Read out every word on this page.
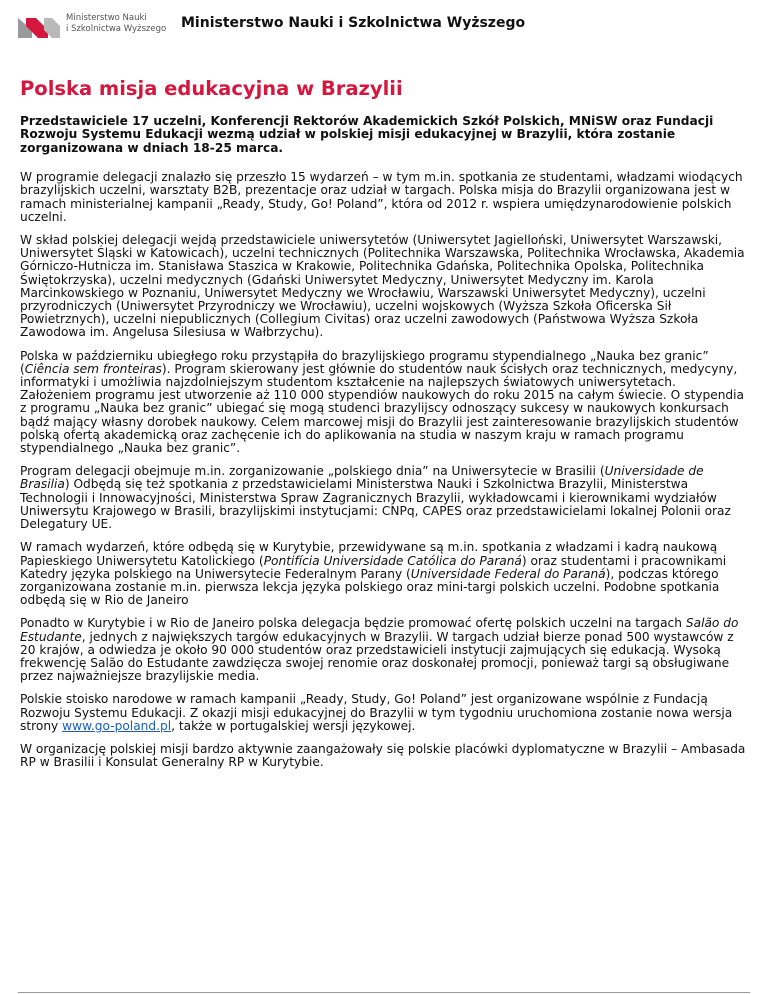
Ministerstwo Nauki
i Szkolnictwa Wyższego Ministerstwo Nauki i Szkolnictwa Wyższego
Polska misja edukacyjna w Brazylii

Przedstawiciele 17 uczelni, Konferencji Rektorów Akademickich Szkół Polskich, MNiSW oraz Fundacji Rozwoju Systemu Edukacji wezmą udział w polskiej misji edukacyjnej w Brazylii, która zostanie zorganizowana w dniach 18-25 marca.

W programie delegacji znalazło się przeszło 15 wydarzeń – w tym m.in. spotkania ze studentami, władzami wiodących brazylijskich uczelni, warsztaty B2B, prezentacje oraz udział w targach. Polska misja do Brazylii organizowana jest w ramach ministerialnej kampanii „Ready, Study, Go! Poland”, która od 2012 r. wspiera umiędzynarodowienie polskich uczelni.

W skład polskiej delegacji wejdą przedstawiciele uniwersytetów (Uniwersytet Jagielloński, Uniwersytet Warszawski, Uniwersytet Śląski w Katowicach), uczelni technicznych (Politechnika Warszawska, Politechnika Wrocławska, Akademia Górniczo-Hutnicza im. Stanisława Staszica w Krakowie, Politechnika Gdańska, Politechnika Opolska, Politechnika Świętokrzyska), uczelni medycznych (Gdański Uniwersytet Medyczny, Uniwersytet Medyczny im. Karola Marcinkowskiego w Poznaniu, Uniwersytet Medyczny we Wrocławiu, Warszawski Uniwersytet Medyczny), uczelni przyrodniczych (Uniwersytet Przyrodniczy we Wrocławiu), uczelni wojskowych (Wyższa Szkoła Oficerska Sił Powietrznych), uczelni niepublicznych (Collegium Civitas) oraz uczelni zawodowych (Państwowa Wyższa Szkoła Zawodowa im. Angelusa Silesiusa w Wałbrzychu).

Polska w październiku ubiegłego roku przystąpiła do brazylijskiego programu stypendialnego „Nauka bez granic” (Ciência sem fronteiras). Program skierowany jest głównie do studentów nauk ścisłych oraz technicznych, medycyny, informatyki i umożliwia najzdolniejszym studentom kształcenie na najlepszych światowych uniwersytetach. Założeniem programu jest utworzenie aż 110 000 stypendiów naukowych do roku 2015 na całym świecie. O stypendia z programu „Nauka bez granic” ubiegać się mogą studenci brazylijscy odnoszący sukcesy w naukowych konkursach bądź mający własny dorobek naukowy. Celem marcowej misji do Brazylii jest zainteresowanie brazylijskich studentów polską ofertą akademicką oraz zachęcenie ich do aplikowania na studia w naszym kraju w ramach programu stypendialnego „Nauka bez granic”.

Program delegacji obejmuje m.in. zorganizowanie „polskiego dnia” na Uniwersytecie w Brasilii (Universidade de Brasilia) Odbędą się też spotkania z przedstawicielami Ministerstwa Nauki i Szkolnictwa Brazylii, Ministerstwa Technologii i Innowacyjności, Ministerstwa Spraw Zagranicznych Brazylii, wykładowcami i kierownikami wydziałów Uniwersytu Krajowego w Brasili, brazylijskimi instytucjami: CNPq, CAPES oraz przedstawicielami lokalnej Polonii oraz Delegatury UE.

W ramach wydarzeń, które odbędą się w Kurytybie, przewidywane są m.in. spotkania z władzami i kadrą naukową Papieskiego Uniwersytetu Katolickiego (Pontifícia Universidade Católica do Paraná) oraz studentami i pracownikami Katedry języka polskiego na Uniwersytecie Federalnym Parany (Universidade Federal do Paraná), podczas którego zorganizowana zostanie m.in. pierwsza lekcja języka polskiego oraz mini-targi polskich uczelni. Podobne spotkania odbędą się w Rio de Janeiro

Ponadto w Kurytybie i w Rio de Janeiro polska delegacja będzie promować ofertę polskich uczelni na targach Salão do Estudante, jednych z największych targów edukacyjnych w Brazylii. W targach udział bierze ponad 500 wystawców z 20 krajów, a odwiedza je około 90 000 studentów oraz przedstawicieli instytucji zajmujących się edukacją. Wysoką frekwencję Salão do Estudante zawdzięcza swojej renomie oraz doskonałej promocji, ponieważ targi są obsługiwane przez najważniejsze brazylijskie media.

Polskie stoisko narodowe w ramach kampanii „Ready, Study, Go! Poland” jest organizowane wspólnie z Fundacją Rozwoju Systemu Edukacji. Z okazji misji edukacyjnej do Brazylii w tym tygodniu uruchomiona zostanie nowa wersja strony www.go-poland.pl, także w portugalskiej wersji językowej.

W organizację polskiej misji bardzo aktywnie zaangażowały się polskie placówki dyplomatyczne w Brazylii – Ambasada RP w Brasilii i Konsulat Generalny RP w Kurytybie.
